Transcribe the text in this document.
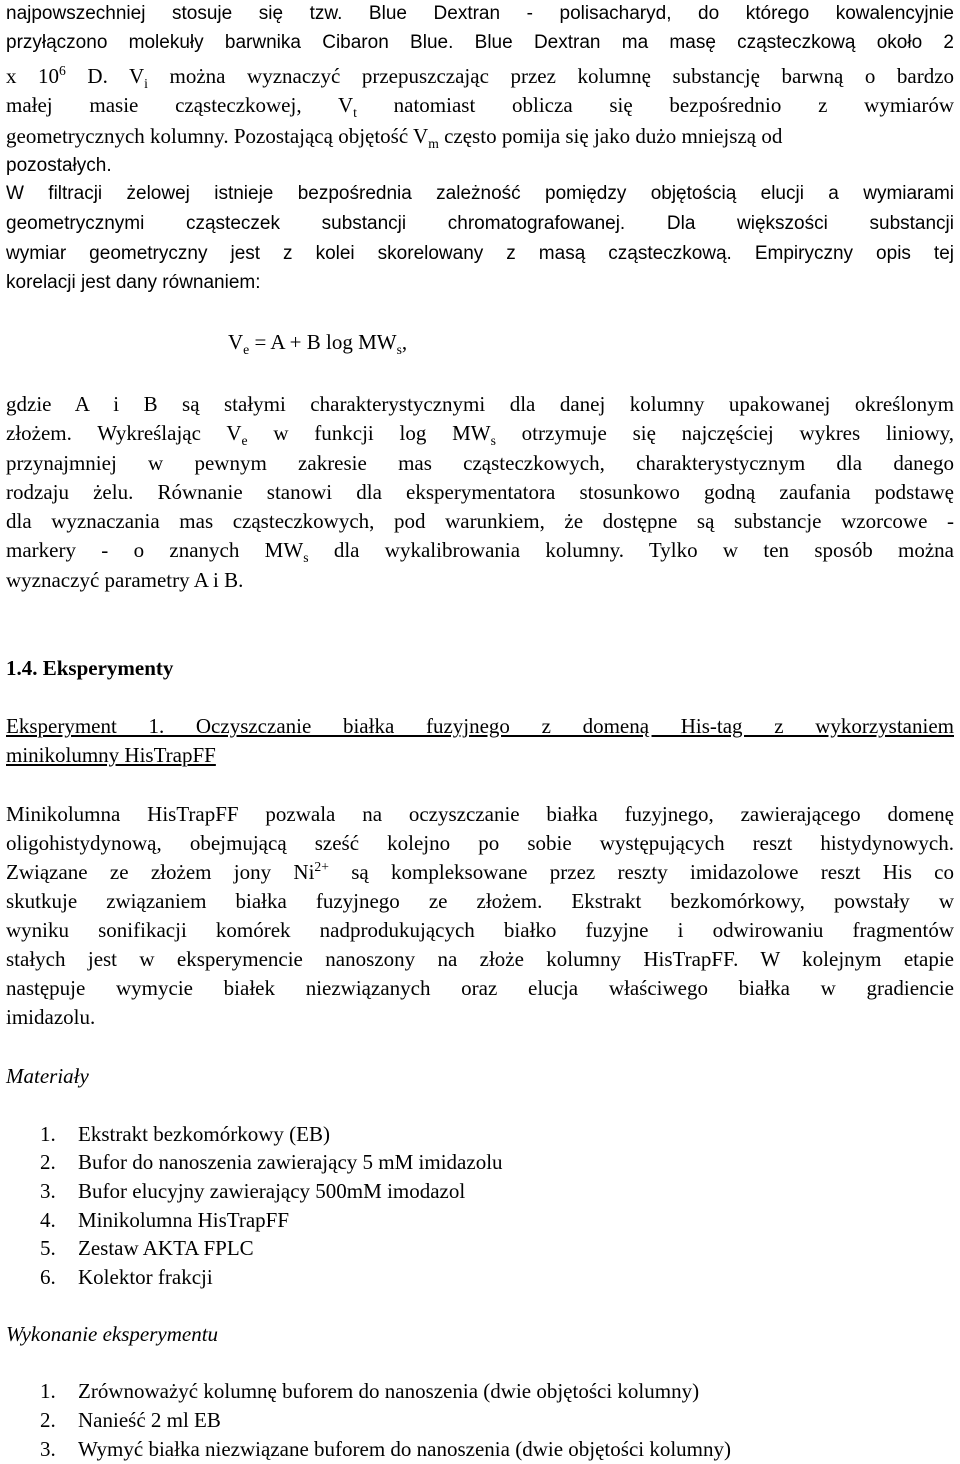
najpowszechniej stosuje się tzw. Blue Dextran - polisacharyd, do którego kowalencyjnie
przyłączono molekuły barwnika Cibaron Blue. Blue Dextran ma masę cząsteczkową około 2
x $10^6$ D. $V_i$ można wyznaczyć przepuszczając przez kolumnę substancję barwną o bardzo
małej masie cząsteczkowej, $V_t$ natomiast oblicza się bezpośrednio z wymiarów
geometrycznych kolumny. Pozostającą objętość $V_m$ często pomija się jako dużo mniejszą od
pozostałych.
W filtracji żelowej istnieje bezpośrednia zależność pomiędzy objętością elucji a wymiarami
geometrycznymi cząsteczek substancji chromatografowanej. Dla większości substancji
wymiar geometryczny jest z kolei skorelowany z masą cząsteczkową. Empiryczny opis tej
korelacji jest dany równaniem:
$V_e = A + B$ $\log MW_s$,
gdzie A i B są stałymi charakterystycznymi dla danej kolumny upakowanej określonym
złożem. Wykreślając $V_e$ w funkcji $\log MW_s$ otrzymuje się najczęściej wykres liniowy,
przynajmniej w pewnym zakresie mas cząsteczkowych, charakterystycznym dla danego
rodzaju żelu. Równanie stanowi dla eksperymentatora stosunkowo godną zaufania podstawę
dla wyznaczania mas cząsteczkowych, pod warunkiem, że dostępne są substancje wzorcowe -
markery - o znanych $MW_s$ dla wykalibrowania kolumny. Tylko w ten sposób można
wyznaczyć parametry A i B.
1.4. Eksperymenty
Eksperyment 1. Oczyszczanie białka fuzyjnego z domeną His-tag z wykorzystaniem
minikolumny HisTrapFF
Minikolumna HisTrapFF pozwala na oczyszczanie białka fuzyjnego, zawierającego domenę
oligohistydynową, obejmującą sześć kolejno po sobie występujących reszt histydynowych.
Związane ze złożem jony $Ni^{2+}$ są kompleksowane przez reszty imidazolowe reszt His co
skutkuje związaniem białka fuzyjnego ze złożem. Ekstrakt bezkomórkowy, powstały w
wyniku sonifikacji komórek nadprodukujących białko fuzyjne i odwirowaniu fragmentów
stałych jest w eksperymencie nanoszony na złoże kolumny HisTrapFF. W kolejnym etapie
następuje wymycie białek niezwiązanych oraz elucja właściwego białka w gradiencie
imidazolu.
Materiały
1. Ekstrakt bezkomórkowy (EB)
2. Bufor do nanoszenia zawierający 5 mM imidazolu
3. Bufor elucyjny zawierający 500mM imodazol
4. Minikolumna HisTrapFF
5. Zestaw AKTA FPLC
6. Kolektor frakcji
Wykonanie eksperymentu
1. Zrównoważyć kolumnę buforem do nanoszenia (dwie objętości kolumny)
2. Nanieść 2 ml EB
3. Wymyć białka niezwiązane buforem do nanoszenia (dwie objętości kolumny)
